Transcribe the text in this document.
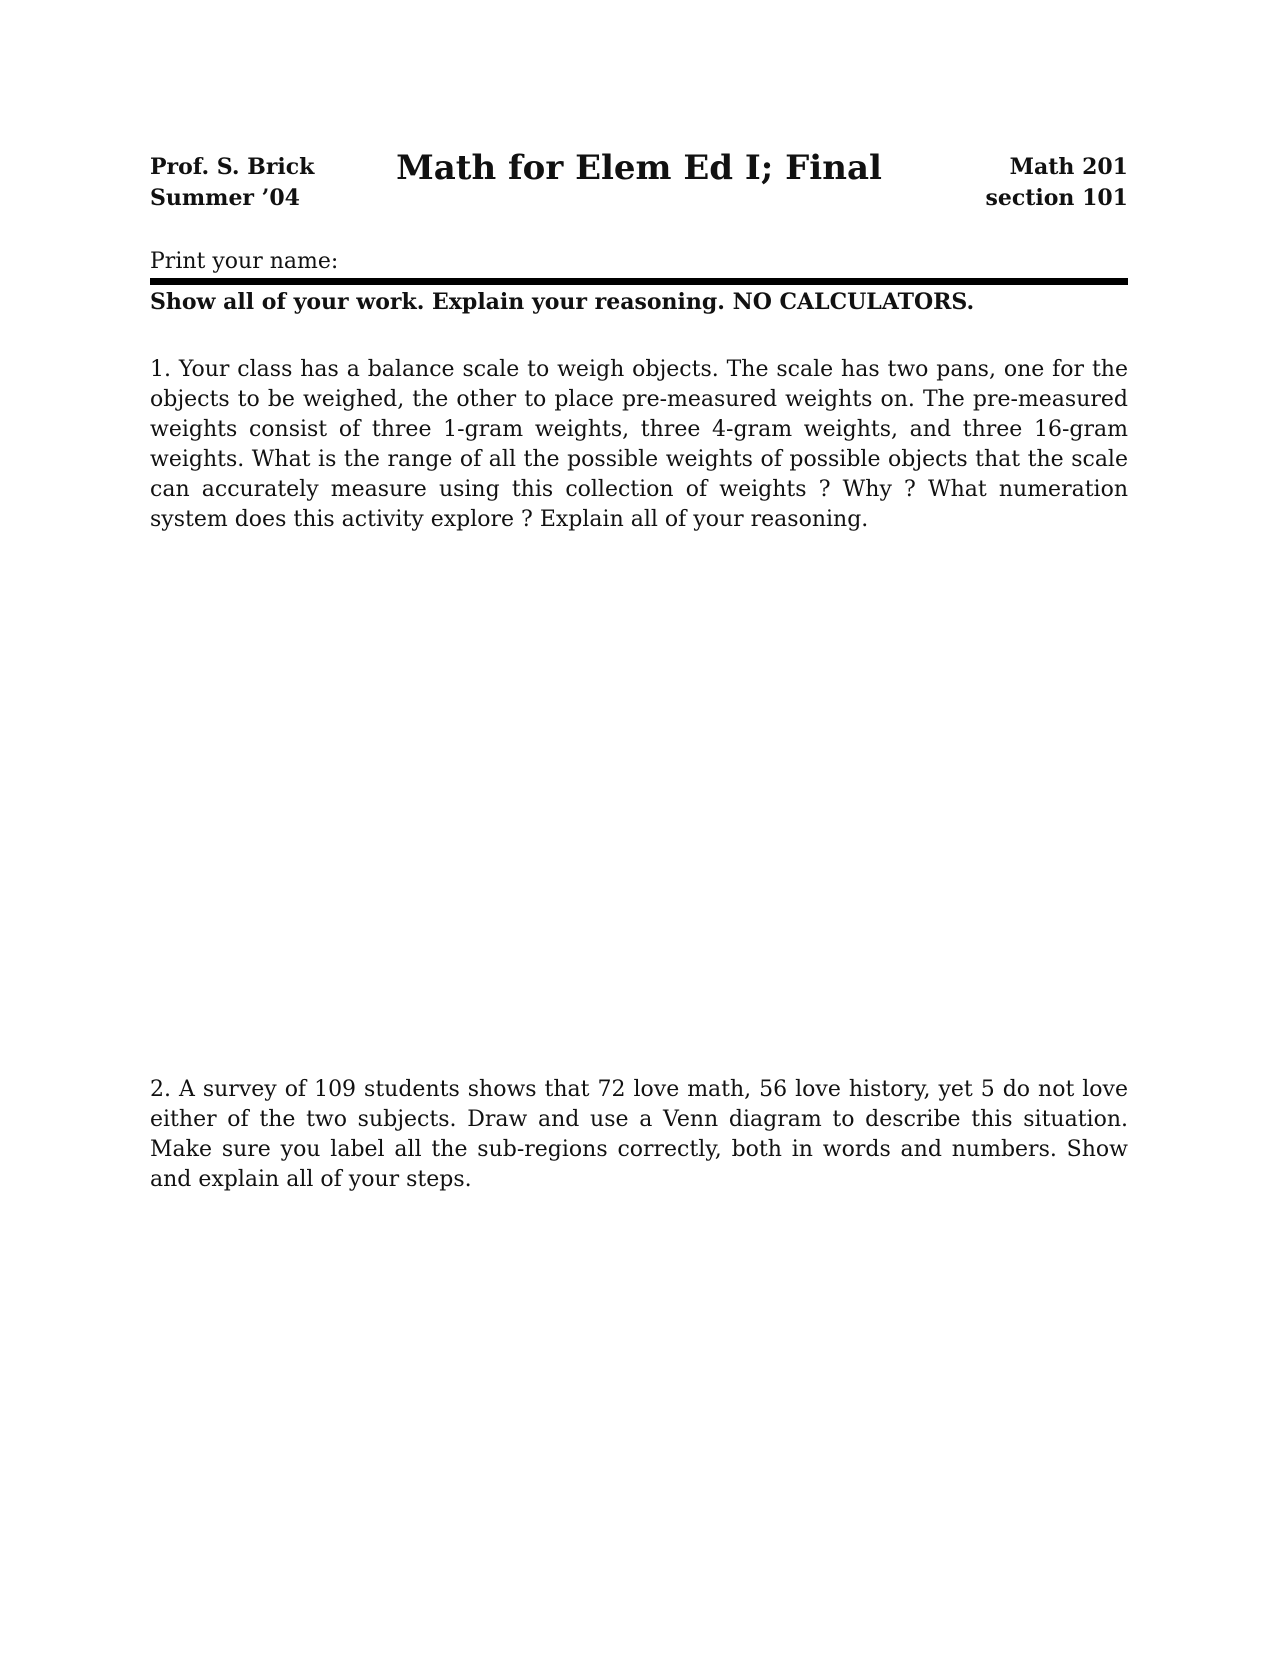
Prof. S. Brick
Summer ’04
Math for Elem Ed I; Final	Math 201
section 101
Print your name:
Show all of your work. Explain your reasoning. NO CALCULATORS.
1. Your class has a balance scale to weigh objects. The scale has two pans, one for the objects to be weighed, the other to place pre-measured weights on. The pre-measured weights consist of three 1-gram weights, three 4-gram weights, and three 16-gram weights. What is the range of all the possible weights of possible objects that the scale can accurately measure using this collection of weights ? Why ? What numeration system does this activity explore ? Explain all of your reasoning.
2. A survey of 109 students shows that 72 love math, 56 love history, yet 5 do not love either of the two subjects. Draw and use a Venn diagram to describe this situation. Make sure you label all the sub-regions correctly, both in words and numbers. Show and explain all of your steps.
